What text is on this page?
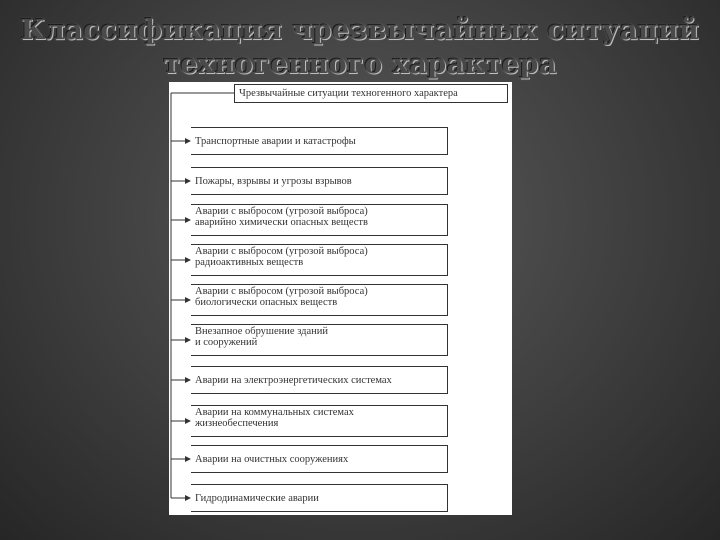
Классификация чрезвычайных ситуаций
техногенного характера
Чрезвычайные ситуации техногенного характера
Транспортные аварии и катастрофы
Пожары, взрывы и угрозы взрывов
Аварии с выбросом (угрозой выброса)
аварийно химически опасных веществ
Аварии с выбросом (угрозой выброса)
радиоактивных веществ
Аварии с выбросом (угрозой выброса)
биологически опасных веществ
Внезапное обрушение зданий
и сооружений
Аварии на электроэнергетических системах
Аварии на коммунальных системах
жизнеобеспечения
Аварии на очистных сооружениях
Гидродинамические аварии
